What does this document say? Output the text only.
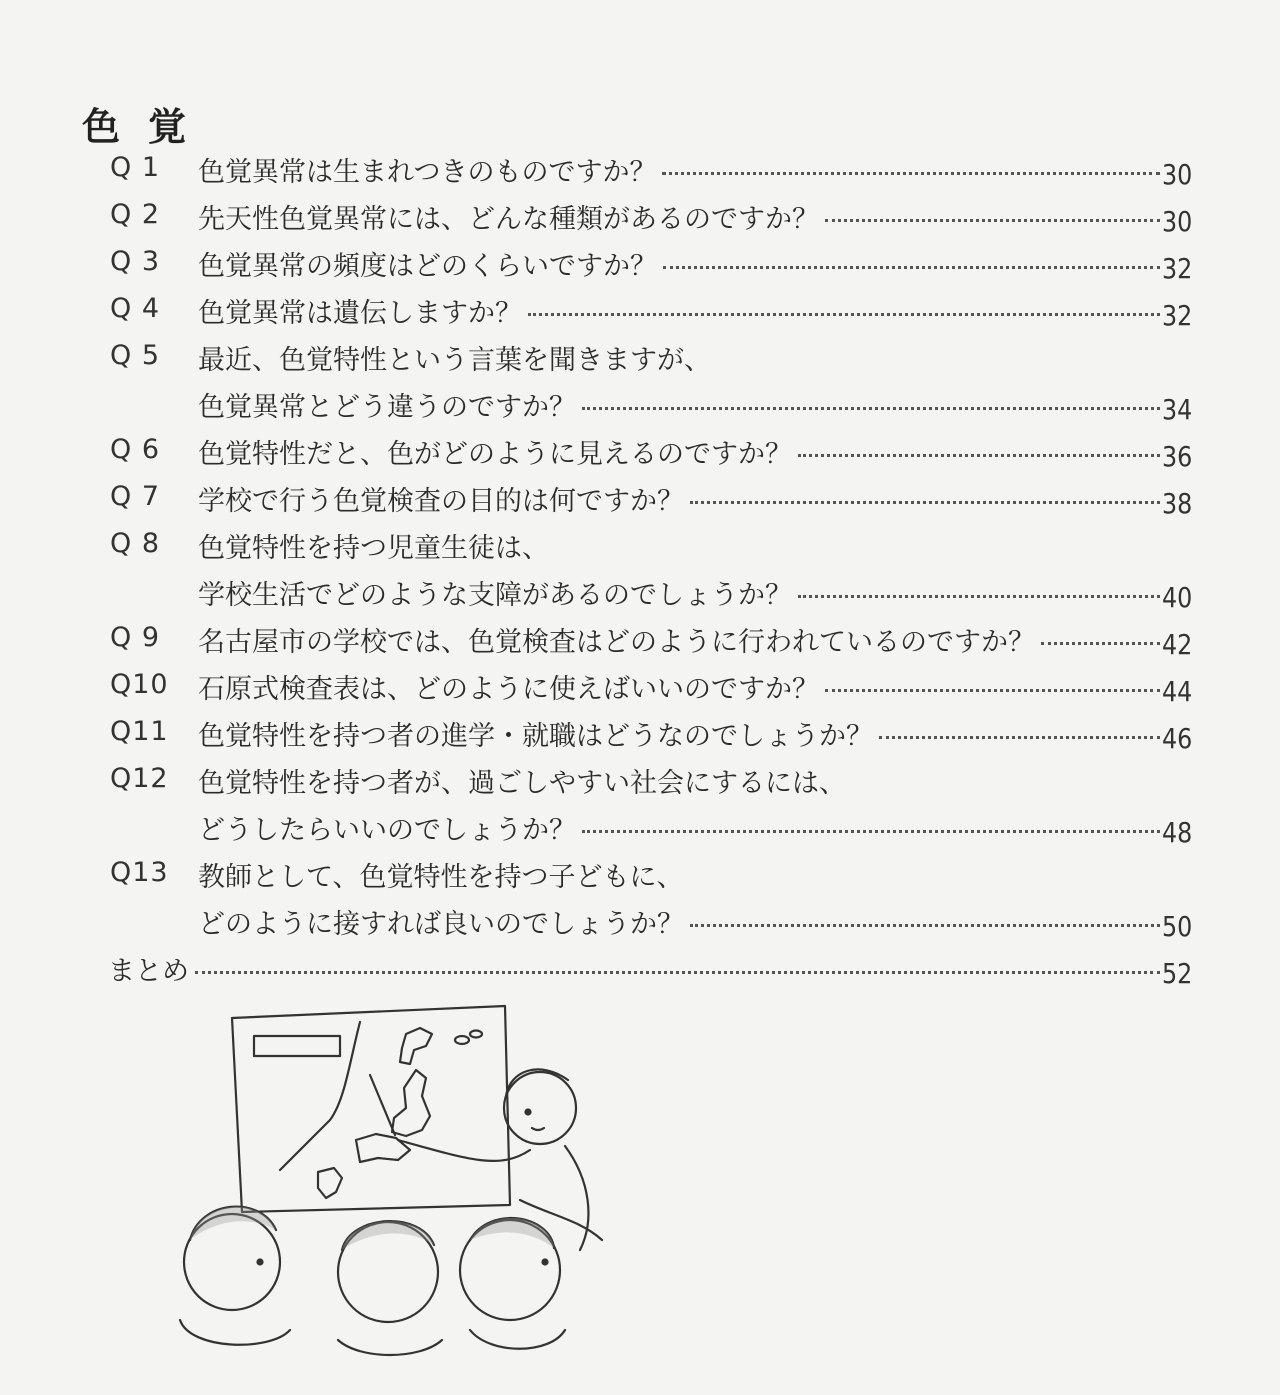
色覚
Q 1 色覚異常は生まれつきのものですか？	30
Q 2 先天性色覚異常には、どんな種類があるのですか？	30
Q 3 色覚異常の頻度はどのくらいですか？	32
Q 4 色覚異常は遺伝しますか？	32
Q 5 最近、色覚特性という言葉を聞きますが、
色覚異常とどう違うのですか？	34
Q 6 色覚特性だと、色がどのように見えるのですか？	36
Q 7 学校で行う色覚検査の目的は何ですか？	38
Q 8 色覚特性を持つ児童生徒は、
学校生活でどのような支障があるのでしょうか？	40
Q 9 名古屋市の学校では、色覚検査はどのように行われているのですか？	42
Q10 石原式検査表は、どのように使えばいいのですか？	44
Q11 色覚特性を持つ者の進学・就職はどうなのでしょうか？	46
Q12 色覚特性を持つ者が、過ごしやすい社会にするには、
どうしたらいいのでしょうか？	48
Q13 教師として、色覚特性を持つ子どもに、
どのように接すれば良いのでしょうか？	50
まとめ	52
